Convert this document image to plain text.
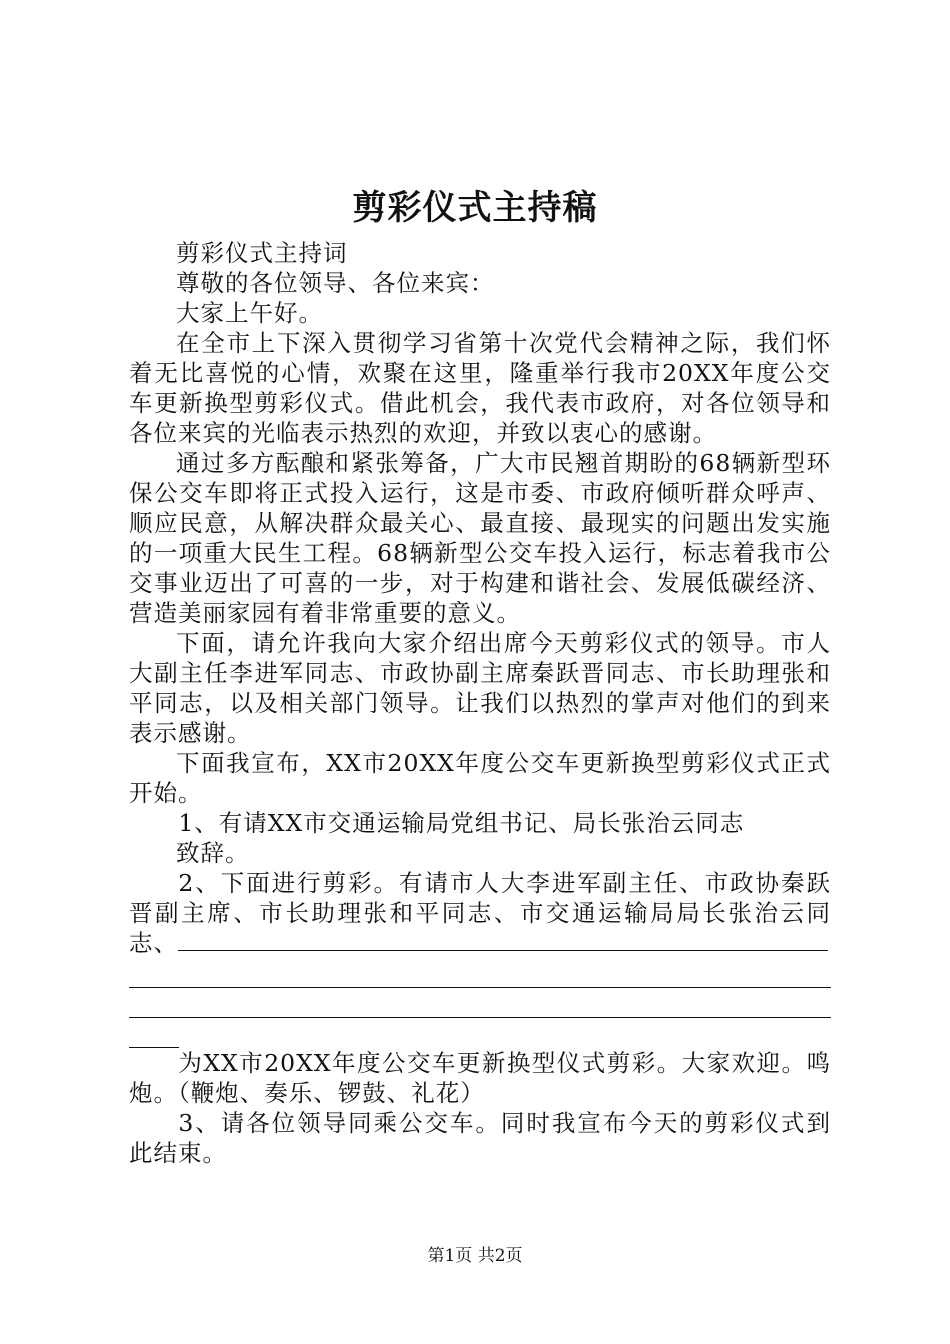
剪彩仪式主持稿

剪彩仪式主持词

尊敬的各位领导、各位来宾：

大家上午好。

在全市上下深入贯彻学习省第十次党代会精神之际，我们怀着无比喜悦的心情，欢聚在这里，隆重举行我市20XX年度公交车更新换型剪彩仪式。借此机会，我代表市政府，对各位领导和各位来宾的光临表示热烈的欢迎，并致以衷心的感谢。

通过多方酝酿和紧张筹备，广大市民翘首期盼的68辆新型环保公交车即将正式投入运行，这是市委、市政府倾听群众呼声、顺应民意，从解决群众最关心、最直接、最现实的问题出发实施的一项重大民生工程。68辆新型公交车投入运行，标志着我市公交事业迈出了可喜的一步，对于构建和谐社会、发展低碳经济、营造美丽家园有着非常重要的意义。

下面，请允许我向大家介绍出席今天剪彩仪式的领导。市人大副主任李进军同志、市政协副主席秦跃晋同志、市长助理张和平同志，以及相关部门领导。让我们以热烈的掌声对他们的到来表示感谢。

下面我宣布，XX市20XX年度公交车更新换型剪彩仪式正式开始。

1、有请XX市交通运输局党组书记、局长张治云同志

致辞。

2、下面进行剪彩。有请市人大李进军副主任、市政协秦跃晋副主席、市长助理张和平同志、市交通运输局局长张治云同志、

为XX市20XX年度公交车更新换型仪式剪彩。大家欢迎。鸣炮。（鞭炮、奏乐、锣鼓、礼花）

3、请各位领导同乘公交车。同时我宣布今天的剪彩仪式到此结束。

第1页 共2页
